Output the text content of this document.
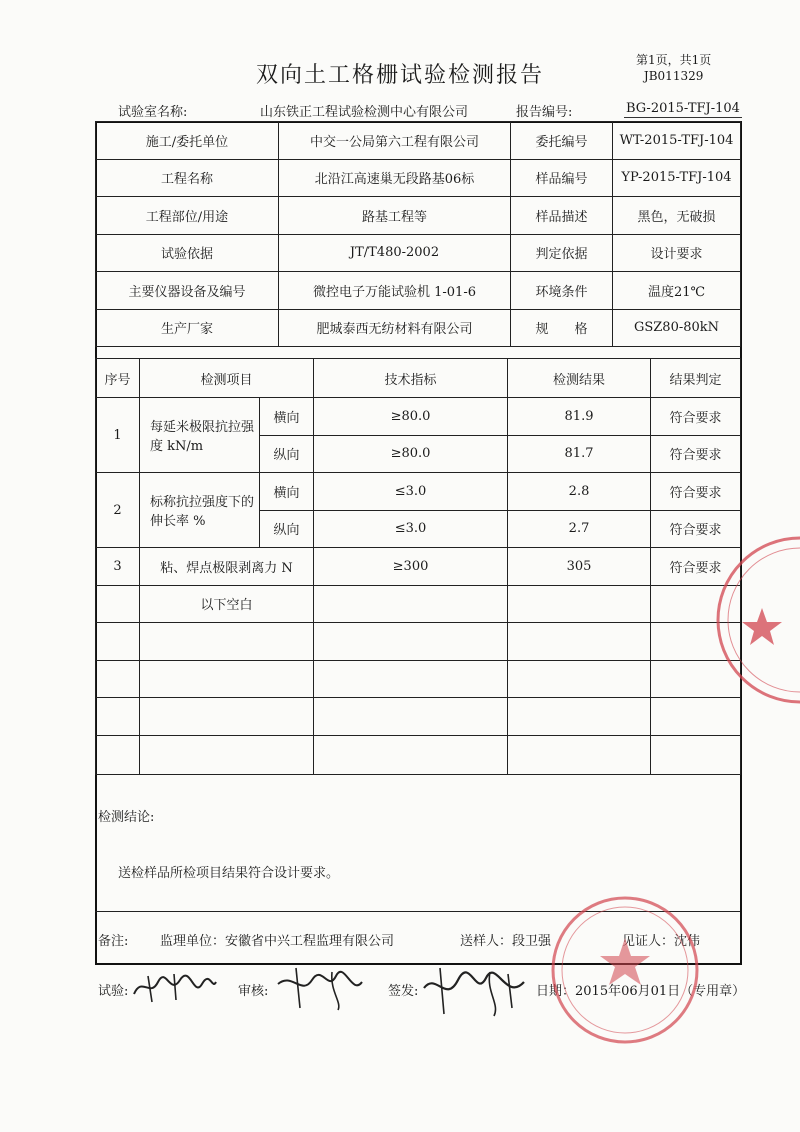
双向土工格栅试验检测报告
第1页，共1页
JB011329
试验室名称:	山东铁正工程试验检测中心有限公司	报告编号:	BG-2015-TFJ-104
施工/委托单位	中交一公局第六工程有限公司	委托编号	WT-2015-TFJ-104
工程名称	北沿江高速巢无段路基06标	样品编号	YP-2015-TFJ-104
工程部位/用途	路基工程等	样品描述	黑色，无破损
试验依据	JT/T480-2002	判定依据	设计要求
主要仪器设备及编号	微控电子万能试验机 1-01-6	环境条件	温度21℃
生产厂家	肥城泰西无纺材料有限公司	规　　格	GSZ80-80kN
序号	检测项目		技术指标	检测结果	结果判定
1	每延米极限抗拉强度 kN/m	横向	≥80.0	81.9	符合要求
		纵向	≥80.0	81.7	符合要求
2	标称抗拉强度下的伸长率 %	横向	≤3.0	2.8	符合要求
		纵向	≤3.0	2.7	符合要求
3	粘、焊点极限剥离力 N		≥300	305	符合要求
	以下空白				

检测结论:
送检样品所检项目结果符合设计要求。
备注: 监理单位：安徽省中兴工程监理有限公司	送样人：段卫强	见证人：沈伟
试验:	审核:	签发:	日期：2015年06月01日（专用章）
